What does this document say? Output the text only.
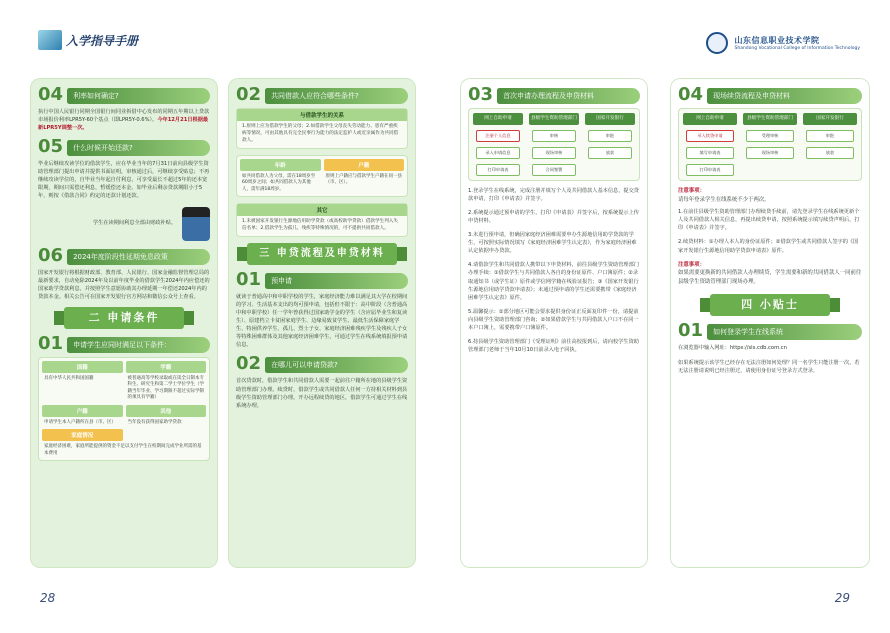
入学指导手册
04	利率如何确定?
执行中国人民银行同期全国银行间同业拆借中心发布的同期五年期以上贷款市场报价利率LPR5Y-60个基点（即LPR5Y-0.6%）。今年12月21日根据最新LPR5Y调整一次。
05	什么时候开始还款?
毕业后继续攻读学位的借款学生，应在毕业当年的7月31日前向县级学生资助管理部门提出申请并提供书面证明，审核通过后，可继续享受贴息；不再继续攻读学位的，自毕业当年起自付利息，可享受最长不超过5年的还本宽限期，期间只需偿还利息，暂缓偿还本金。如毕业后剩余贷款期限小于5年，则按《借款合同》约定的还款计划还款。
学生在读期间利息全部由财政补贴。
06	2024年度阶段性延期免息政策
国家开发银行将根据财政部、教育部、人民银行、国家金融监督管理总局的最新要求，自动免除2024年及以前年度毕业的借款学生2024年内应偿还的国家助学贷款利息，并按照学生意愿协助其办理延期一年偿还2024年内的贷款本金。相关公告可在国家开发银行官方网站和微信公众号上查看。
二 申请条件
01	申请学生应同时满足以下条件：
国籍	学籍
具有中华人民共和国国籍	被普通高等学校录取或在读全日制本专科生、研究生和第二学士学位学生（学籍当年毕业、学习期限不超过实际学制的须具有学籍）
户籍	其他
申请学生本人户籍所在县（市、区）	当年没有获得国家助学贷款
家庭情况
家庭经济困难，家庭所能提供的资金不足以支付学生在校期间完成学业所需的基本费用
02	共同借款人应符合哪些条件?
与借款学生的关系
1.原则上应为借款学生的父母；2.如借款学生父母丧失劳动能力、患有严重疾病等情况，可由其他具有完全民事行为能力的法定监护人或近亲属作为共同借款人。
年龄	户籍
如共同借款人为父母，需在18周岁至60周岁之间；如共同借款人为其他人，需年满18周岁。
原则上户籍应与借款学生户籍在同一县（市、区）。
其它
1.未被国家开发银行生源地信用助学贷款（或高校助学贷款）借款学生列入失信名单；2.借款学生为孤儿、残疾等特殊情况的，可不提供共同借款人。
三 申贷流程及申贷材料
01	预申请
就读于普通高中和中职学校的学生，家庭经济能力难以满足其大学在校期间的学习、生活基本支出的均可预申请，包括但不限于：高中阶段（含普通高中和中职学校）任一学年曾获得过国家助学金的学生（含应届毕业生和复读生）、原建档立卡贫困家庭学生、边缘易致贫学生、最低生活保障家庭学生、特困供养学生、孤儿、烈士子女、家庭经济困难残疾学生及残疾人子女等特殊困难群体及其他家庭经济困难学生，可通过学生在线系统填报预申请信息。
02	在哪儿可以申请贷款?
首次贷款时，借款学生和共同借款人需要一起前往户籍所在地的县级学生资助管理部门办理。续贷时，借款学生或共同借款人任何一方持相关材料到县级学生资助管理部门办理。开办远程续贷的地区，借款学生可通过学生在线系统办理。
28
山东信息职业技术学院
Shandong Vocational College of Information Technology
03	首次申请办理流程及申贷材料
网上自助申请
注册个人信息
录入申请信息
打印申请表
县级学生资助管理部门
审核
现场审核
合同签署
国家开发银行
审批
放款
1.登录学生在线系统，完成注册并填写个人及共同借款人基本信息，提交贷款申请，打印《申请表》并签字。
2.系统提示通过预申请的学生，打印《申请表》并签字后，按系统提示上传申贷材料。
3.未进行预申请，但确因家庭经济困难需要申办生源地信用助学贷款的学生，可按照实际情况填写《家庭经济困难学生认定表》，作为家庭经济困难认定依据申办贷款。
4.请借款学生和共同借款人携带以下申贷材料，前往县级学生资助管理部门办理手续：①借款学生与共同借款人各自的身份证原件、户口簿原件；②录取通知书（或学生证）原件或学信网学籍在线验证报告；③《国家开发银行生源地信用助学贷款申请表》；未通过预申请的学生还需要携带《家庭经济困难学生认定表》原件。
5.温馨提示：①部分地区可能会要求提供身份证正反面复印件一份，请提前向县级学生资助管理部门咨询；②如果借款学生与共同借款人户口不在同一本户口簿上，需要携带户口簿原件。
6.持县级学生资助管理部门《受理证明》前往高校报到后，请向校学生资助管理部门老师于当年10月10日前录入电子回执。
04	现场续贷流程及申贷材料
网上自助申请
录入续贷申请
填写申请表
打印申请表
县级学生资助管理部门
受理审核
现场审核
国家开发银行
审批
放款
注意事项：
请每年登录学生在线系统不少于两次。
1.在前往县级学生资助管理部门办理续贷手续前，请先登录学生在线系统更新个人及共同借款人相关信息，再提出续贷申请，按照系统提示填写续贷声明后，打印《申请表》并签字。
2.续贷材料：①办理人本人的身份证原件；②借款学生或共同借款人签字的《国家开发银行生源地信用助学贷款申请表》原件。
注意事项：
如果需要更换新的共同借款人办理续贷，学生需要和新的共同借款人一同前往县级学生资助管理部门现场办理。
四 小贴士
01	如何登录学生在线系统
在浏览器中输入网址：https://sls.cdb.com.cn
如果系统提示该学生已经存在无法注册如何处理？同一名学生只能注册一次，若无法注册请说明已经注册过，请使用身份证号登录方式登录。
29
